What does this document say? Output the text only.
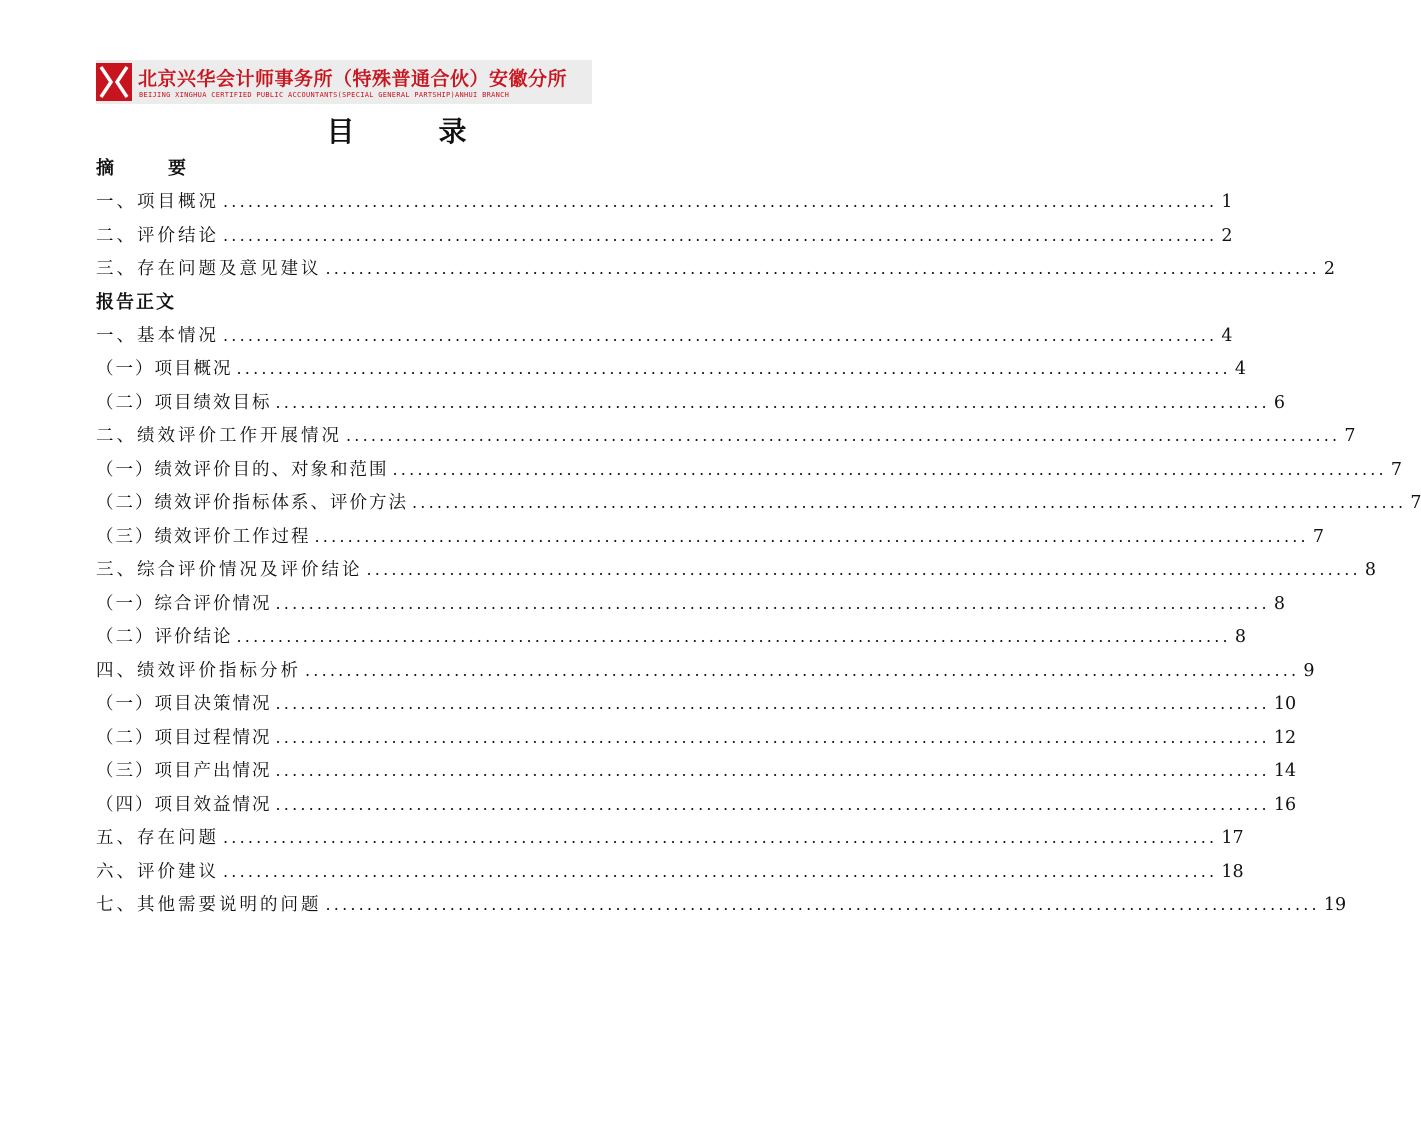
北京兴华会计师事务所（特殊普通合伙）安徽分所
BEIJING XINGHUA CERTIFIED PUBLIC ACCOUNTANTS(SPECIAL GENERAL PARTSHIP)ANHUI BRANCH
目　录
摘　要
一、项目概况 ........................................................................................................................ 1
二、评价结论 ........................................................................................................................ 2
三、存在问题及意见建议 ........................................................................................................................ 2
报告正文
一、基本情况 ........................................................................................................................ 4
（一）项目概况 ........................................................................................................................ 4
（二）项目绩效目标 ........................................................................................................................ 6
二、绩效评价工作开展情况 ........................................................................................................................ 7
（一）绩效评价目的、对象和范围 ........................................................................................................................ 7
（二）绩效评价指标体系、评价方法 ........................................................................................................................ 7
（三）绩效评价工作过程 ........................................................................................................................ 7
三、综合评价情况及评价结论 ........................................................................................................................ 8
（一）综合评价情况 ........................................................................................................................ 8
（二）评价结论 ........................................................................................................................ 8
四、绩效评价指标分析 ........................................................................................................................ 9
（一）项目决策情况 ........................................................................................................................ 10
（二）项目过程情况 ........................................................................................................................ 12
（三）项目产出情况 ........................................................................................................................ 14
（四）项目效益情况 ........................................................................................................................ 16
五、存在问题 ........................................................................................................................ 17
六、评价建议 ........................................................................................................................ 18
七、其他需要说明的问题 ........................................................................................................................ 19
